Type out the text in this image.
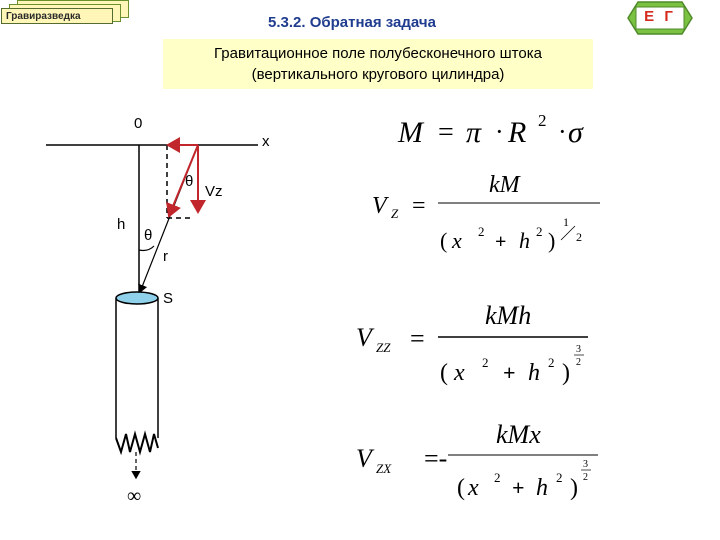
Гравиразведка	Е Г
5.3.2. Обратная задача
Гравитационное поле полубесконечного штока
(вертикального кругового цилиндра)
0
x
h
r
θ
θ
Vz
S
∞
M = π · R 2 · σ
V Z =
kM
( x 2 + h 2 )
1
2
V ZZ =
kMh
( x 2 + h 2 )
3
2
V ZX =-
kMx
( x 2 + h 2 )
3
2
